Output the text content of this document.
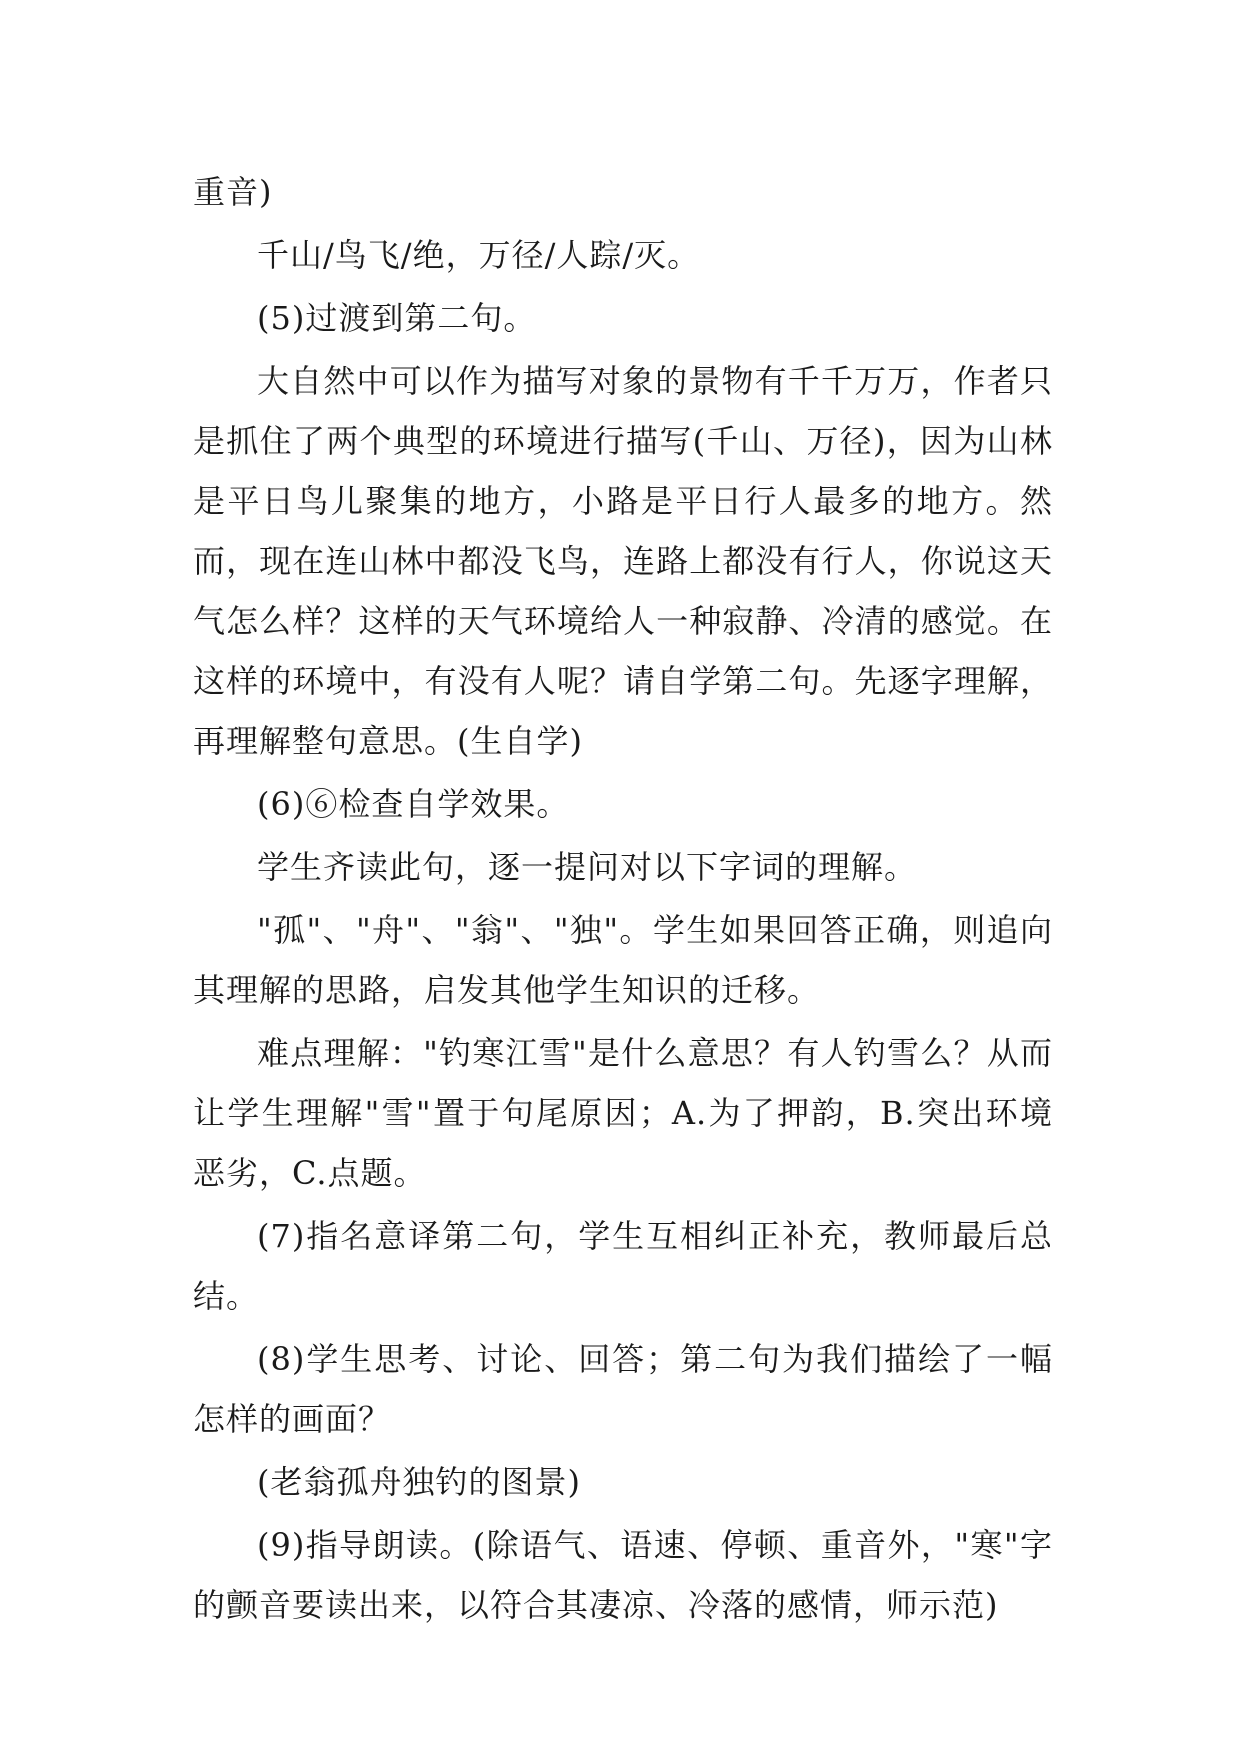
重音)

千山/鸟飞/绝，万径/人踪/灭。

(5)过渡到第二句。

大自然中可以作为描写对象的景物有千千万万，作者只是抓住了两个典型的环境进行描写(千山、万径)，因为山林是平日鸟儿聚集的地方，小路是平日行人最多的地方。然而，现在连山林中都没飞鸟，连路上都没有行人，你说这天气怎么样？这样的天气环境给人一种寂静、冷清的感觉。在这样的环境中，有没有人呢？请自学第二句。先逐字理解，再理解整句意思。(生自学)

(6)⑥检查自学效果。

学生齐读此句，逐一提问对以下字词的理解。

"孤"、"舟"、"翁"、"独"。学生如果回答正确，则追向其理解的思路，启发其他学生知识的迁移。

难点理解："钓寒江雪"是什么意思？有人钓雪么？从而让学生理解"雪"置于句尾原因；A.为了押韵，B.突出环境恶劣，C.点题。

(7)指名意译第二句，学生互相纠正补充，教师最后总结。

(8)学生思考、讨论、回答；第二句为我们描绘了一幅怎样的画面？

(老翁孤舟独钓的图景)

(9)指导朗读。(除语气、语速、停顿、重音外，"寒"字的颤音要读出来，以符合其凄凉、冷落的感情，师示范)
